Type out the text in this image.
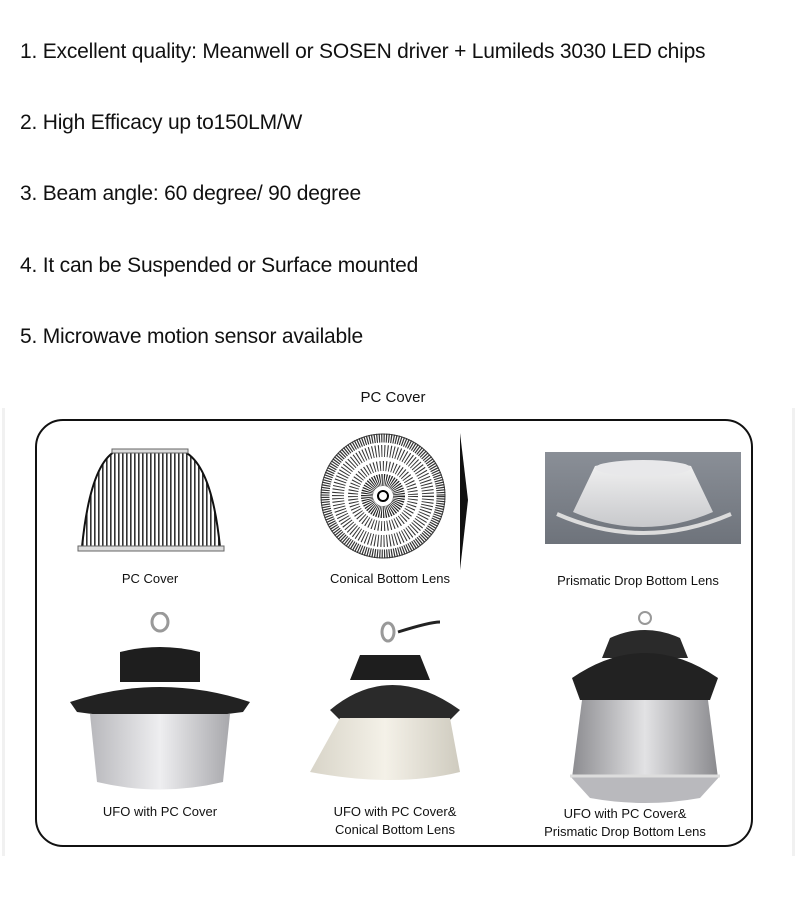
1. Excellent quality: Meanwell or SOSEN driver + Lumileds 3030 LED chips
2. High Efficacy up to150LM/W
3. Beam angle: 60 degree/ 90 degree
4. It can be Suspended or Surface mounted
5. Microwave motion sensor available
PC Cover
PC Cover	Conical Bottom Lens	Prismatic Drop Bottom Lens
UFO with PC Cover	UFO with PC Cover&
Conical Bottom Lens
UFO with PC Cover&
Prismatic Drop Bottom Lens
